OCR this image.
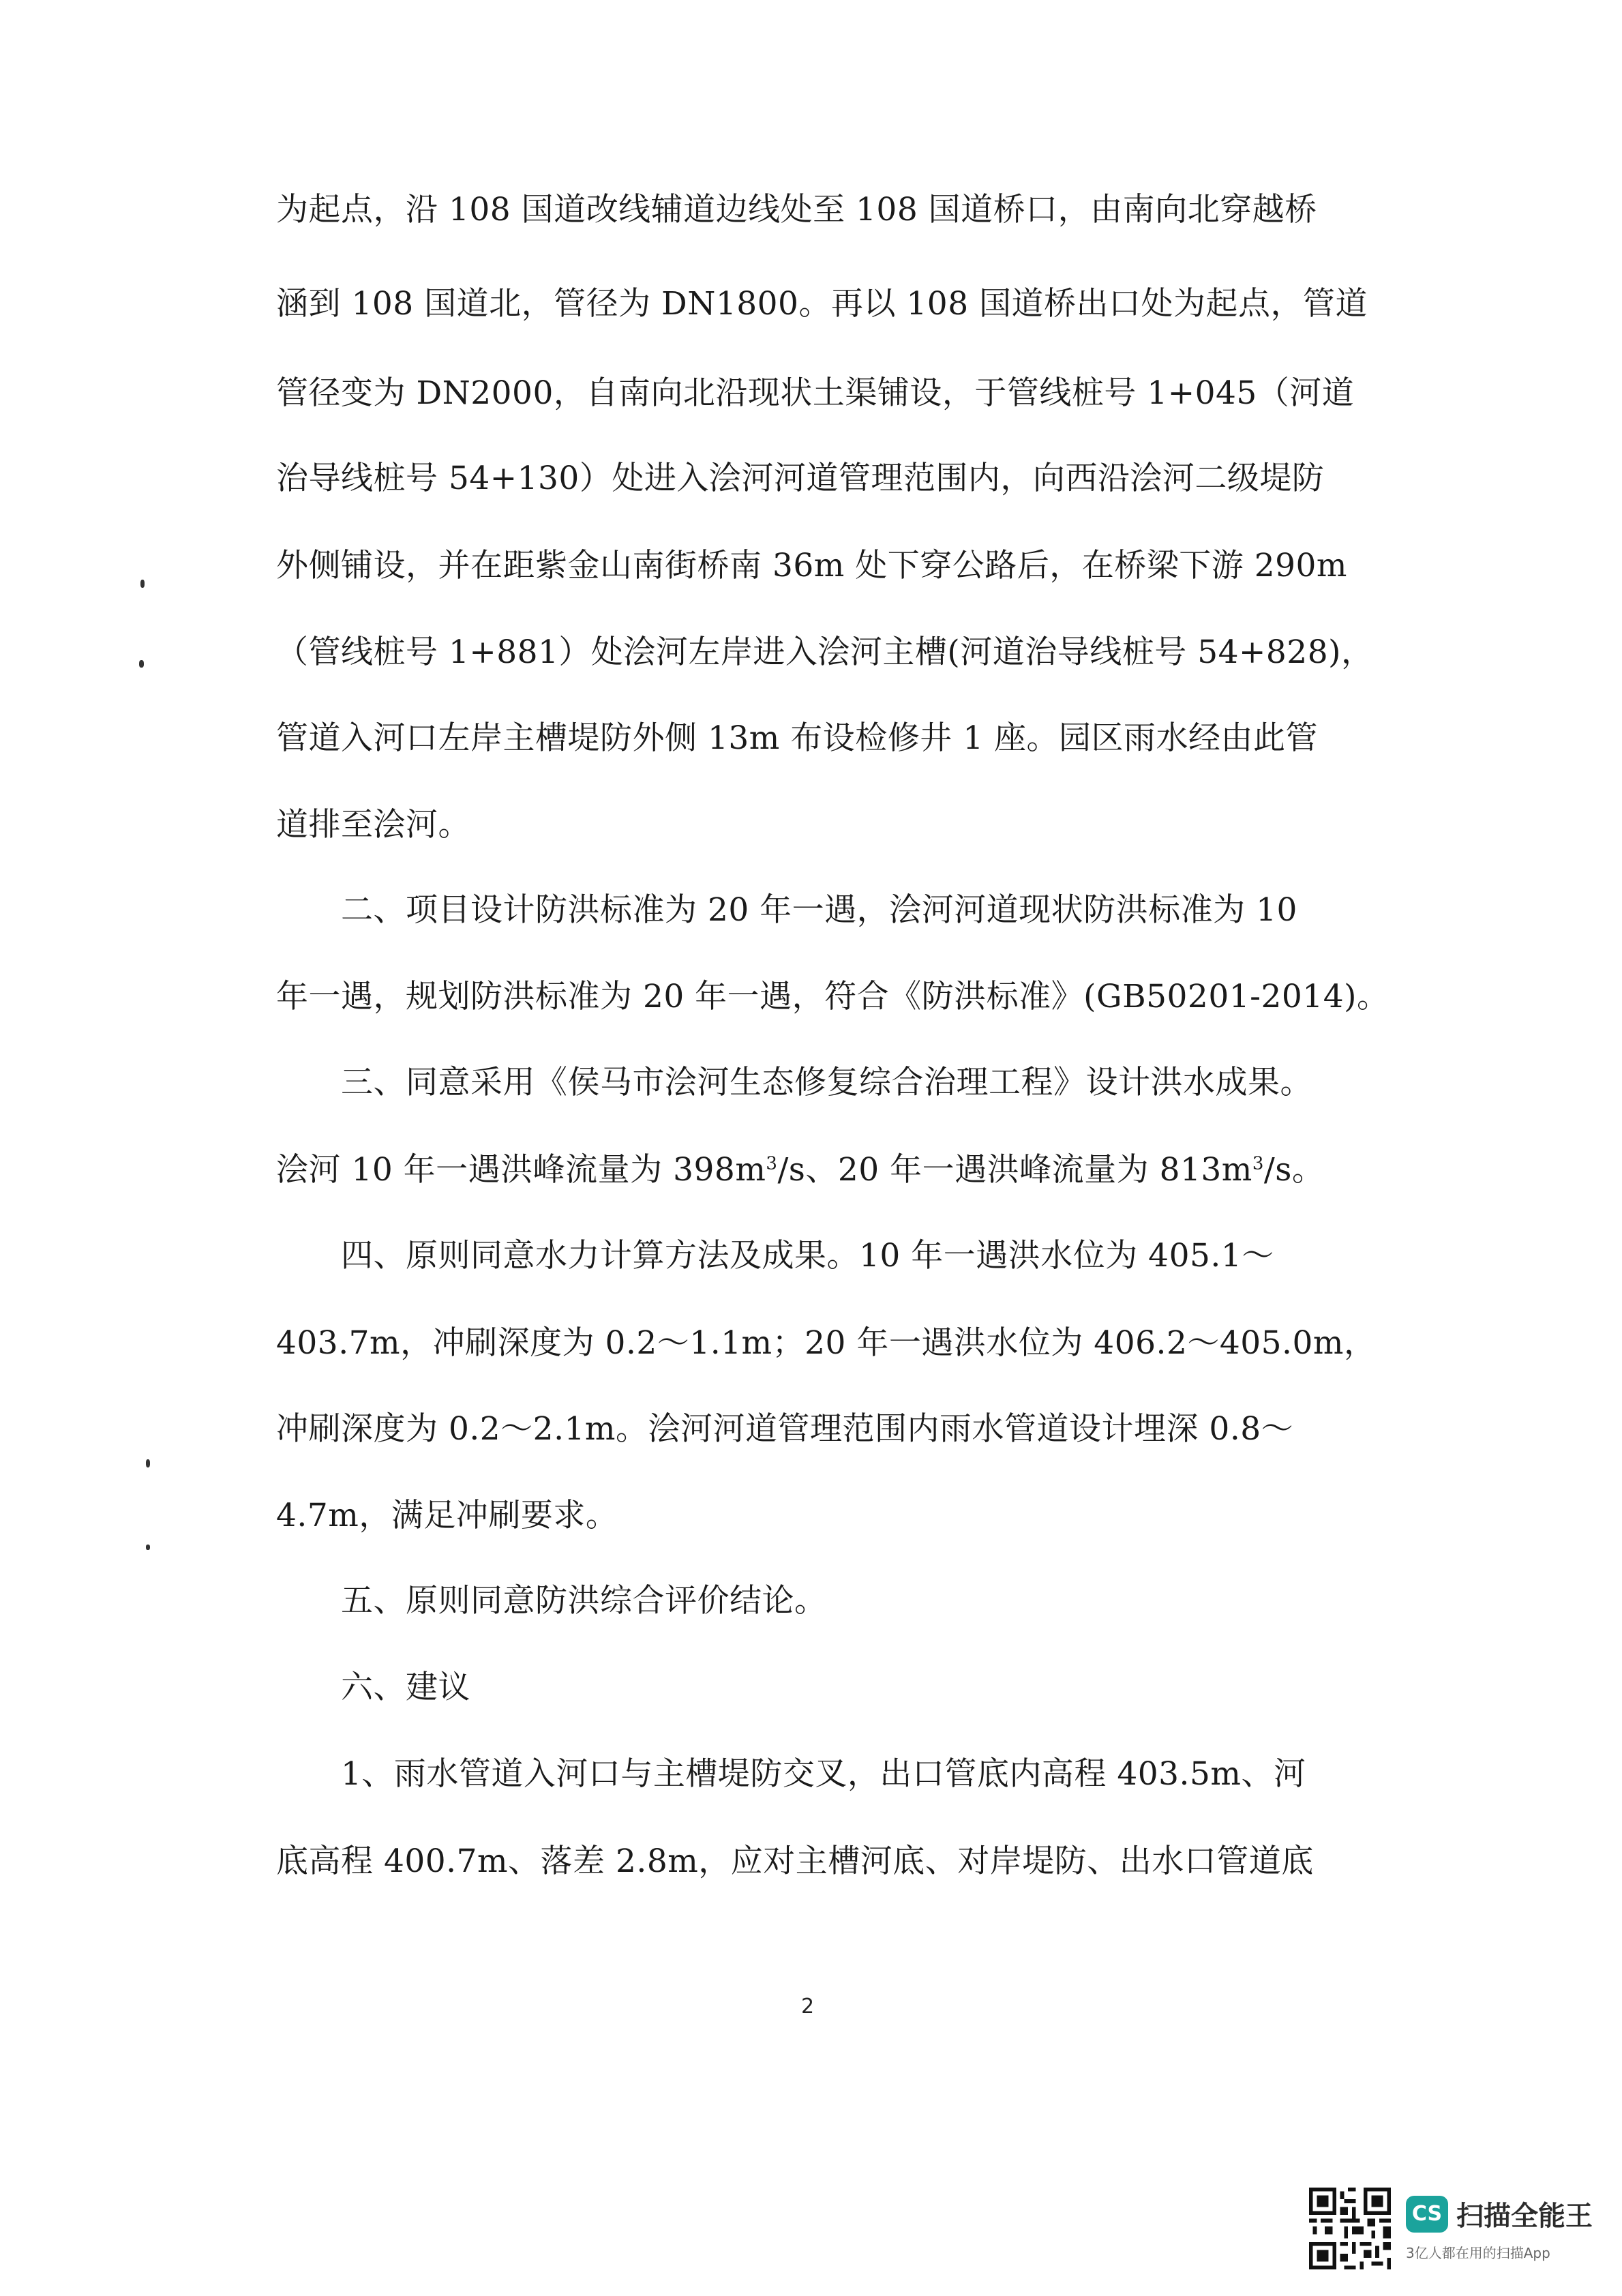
为起点，沿 108 国道改线辅道边线处至 108 国道桥口，由南向北穿越桥
涵到 108 国道北，管径为 DN1800。再以 108 国道桥出口处为起点，管道
管径变为 DN2000，自南向北沿现状土渠铺设，于管线桩号 1+045（河道
治导线桩号 54+130）处进入浍河河道管理范围内，向西沿浍河二级堤防
外侧铺设，并在距紫金山南街桥南 36m 处下穿公路后，在桥梁下游 290m
（管线桩号 1+881）处浍河左岸进入浍河主槽(河道治导线桩号 54+828)，
管道入河口左岸主槽堤防外侧 13m 布设检修井 1 座。园区雨水经由此管
道排至浍河。
二、项目设计防洪标准为 20 年一遇，浍河河道现状防洪标准为 10
年一遇，规划防洪标准为 20 年一遇，符合《防洪标准》(GB50201-2014)。
三、同意采用《侯马市浍河生态修复综合治理工程》设计洪水成果。
浍河 10 年一遇洪峰流量为 $398m^3/s$、20 年一遇洪峰流量为 $813m^3/s$。
四、原则同意水力计算方法及成果。10 年一遇洪水位为 405.1～
403.7m，冲刷深度为 0.2～1.1m；20 年一遇洪水位为 406.2～405.0m，
冲刷深度为 0.2～2.1m。浍河河道管理范围内雨水管道设计埋深 0.8～
4.7m，满足冲刷要求。
五、原则同意防洪综合评价结论。
六、建议
1、雨水管道入河口与主槽堤防交叉，出口管底内高程 403.5m、河
底高程 400.7m、落差 2.8m，应对主槽河底、对岸堤防、出水口管道底
2
CS 扫描全能王
3亿人都在用的扫描App
